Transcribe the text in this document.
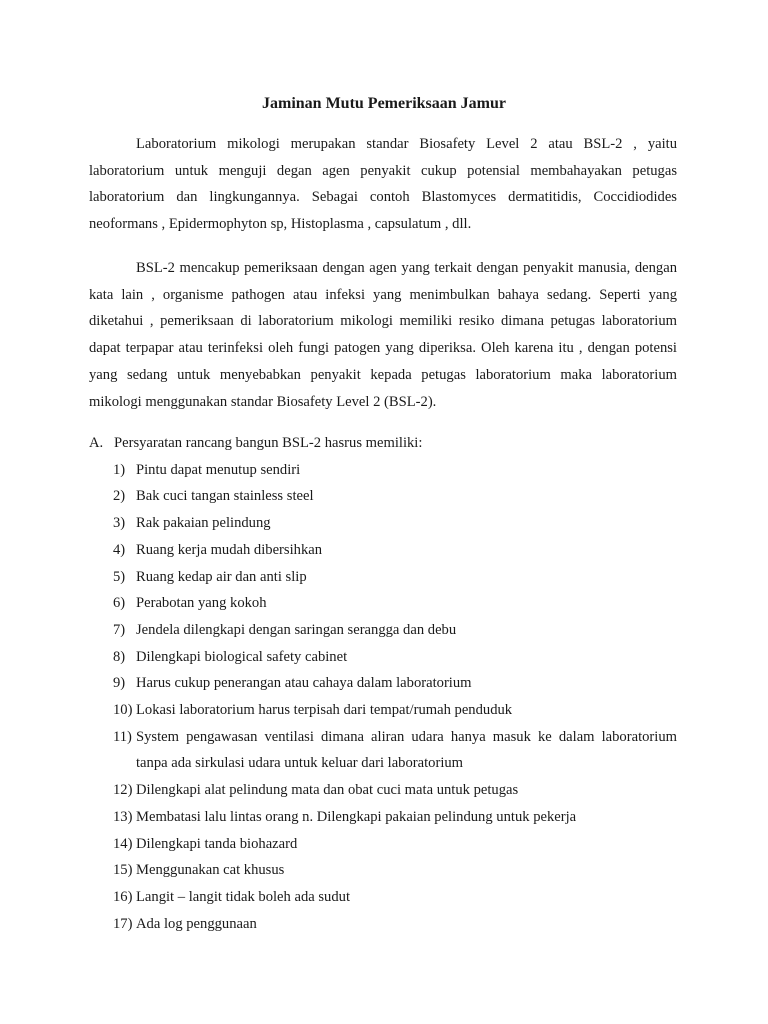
Jaminan Mutu Pemeriksaan Jamur

Laboratorium mikologi merupakan standar Biosafety Level 2 atau BSL-2 , yaitu laboratorium untuk menguji degan agen penyakit cukup potensial membahayakan petugas laboratorium dan lingkungannya. Sebagai contoh Blastomyces dermatitidis, Coccidiodides neoformans , Epidermophyton sp, Histoplasma , capsulatum , dll.

BSL-2 mencakup pemeriksaan dengan agen yang terkait dengan penyakit manusia, dengan kata lain , organisme pathogen atau infeksi yang menimbulkan bahaya sedang. Seperti yang diketahui , pemeriksaan di laboratorium mikologi memiliki resiko dimana petugas laboratorium dapat terpapar atau terinfeksi oleh fungi patogen yang diperiksa. Oleh karena itu , dengan potensi yang sedang untuk menyebabkan penyakit kepada petugas laboratorium maka laboratorium mikologi menggunakan standar Biosafety Level 2 (BSL-2).

A. Persyaratan rancang bangun BSL-2 hasrus memiliki:
1) Pintu dapat menutup sendiri
2) Bak cuci tangan stainless steel
3) Rak pakaian pelindung
4) Ruang kerja mudah dibersihkan
5) Ruang kedap air dan anti slip
6) Perabotan yang kokoh
7) Jendela dilengkapi dengan saringan serangga dan debu
8) Dilengkapi biological safety cabinet
9) Harus cukup penerangan atau cahaya dalam laboratorium
10) Lokasi laboratorium harus terpisah dari tempat/rumah penduduk
11) System pengawasan ventilasi dimana aliran udara hanya masuk ke dalam laboratorium tanpa ada sirkulasi udara untuk keluar dari laboratorium
12) Dilengkapi alat pelindung mata dan obat cuci mata untuk petugas
13) Membatasi lalu lintas orang n. Dilengkapi pakaian pelindung untuk pekerja
14) Dilengkapi tanda biohazard
15) Menggunakan cat khusus
16) Langit – langit tidak boleh ada sudut
17) Ada log penggunaan
